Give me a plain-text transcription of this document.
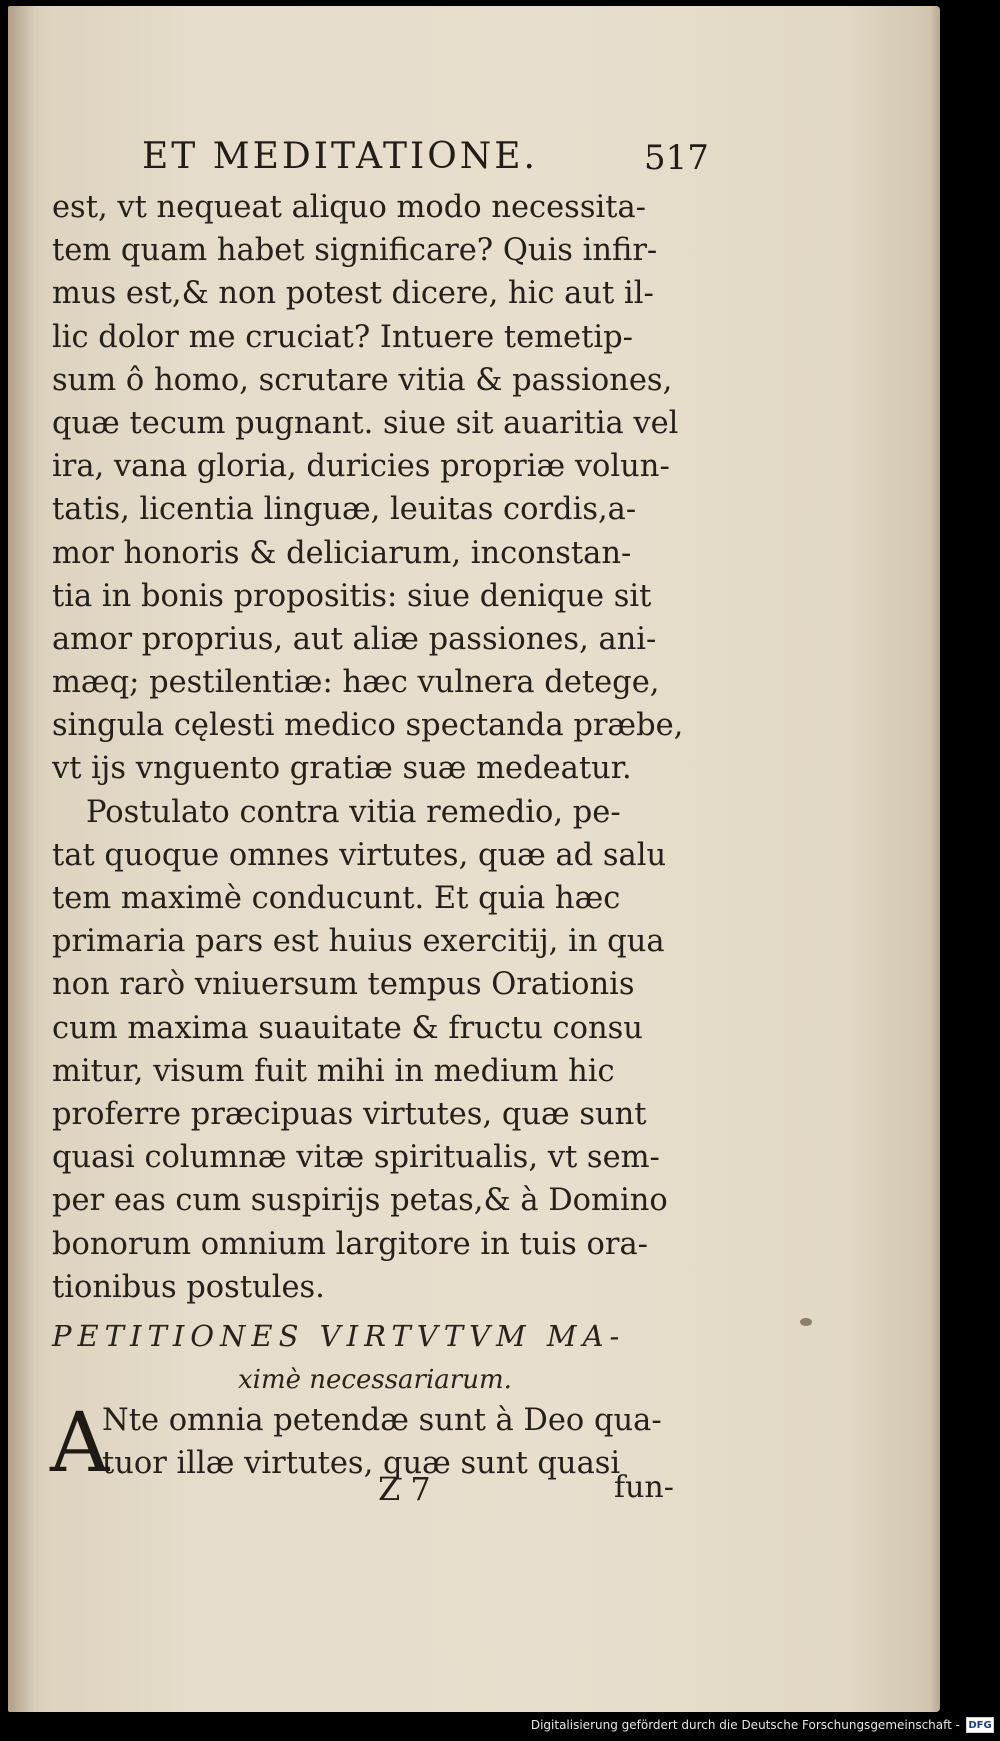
ET MEDITATIONE.	517
est, vt nequeat aliquo modo necessita-
tem quam habet significare? Quis infir-
mus est,& non potest dicere, hic aut il-
lic dolor me cruciat? Intuere temetip-
sum ô homo, scrutare vitia & passiones,
quæ tecum pugnant. siue sit auaritia vel
ira, vana gloria, duricies propriæ volun-
tatis, licentia linguæ, leuitas cordis,a-
mor honoris & deliciarum, inconstan-
tia in bonis propositis: siue denique sit
amor proprius, aut aliæ passiones, ani-
mæq; pestilentiæ: hæc vulnera detege,
singula cęlesti medico spectanda præbe,
vt ijs vnguento gratiæ suæ medeatur.
Postulato contra vitia remedio, pe-
tat quoque omnes virtutes, quæ ad salu
tem maximè conducunt. Et quia hæc
primaria pars est huius exercitij, in qua
non rarò vniuersum tempus Orationis
cum maxima suauitate & fructu consu
mitur, visum fuit mihi in medium hic
proferre præcipuas virtutes, quæ sunt
quasi columnæ vitæ spiritualis, vt sem-
per eas cum suspirijs petas,& à Domino
bonorum omnium largitore in tuis ora-
tionibus postules.
PETITIONES VIRTVTVM MA-
ximè necessariarum.
A
Nte omnia petendæ sunt à Deo qua-
tuor illæ virtutes, quæ sunt quasi
Z 7	fun-
Digitalisierung gefördert durch die Deutsche Forschungsgemeinschaft - DFG
